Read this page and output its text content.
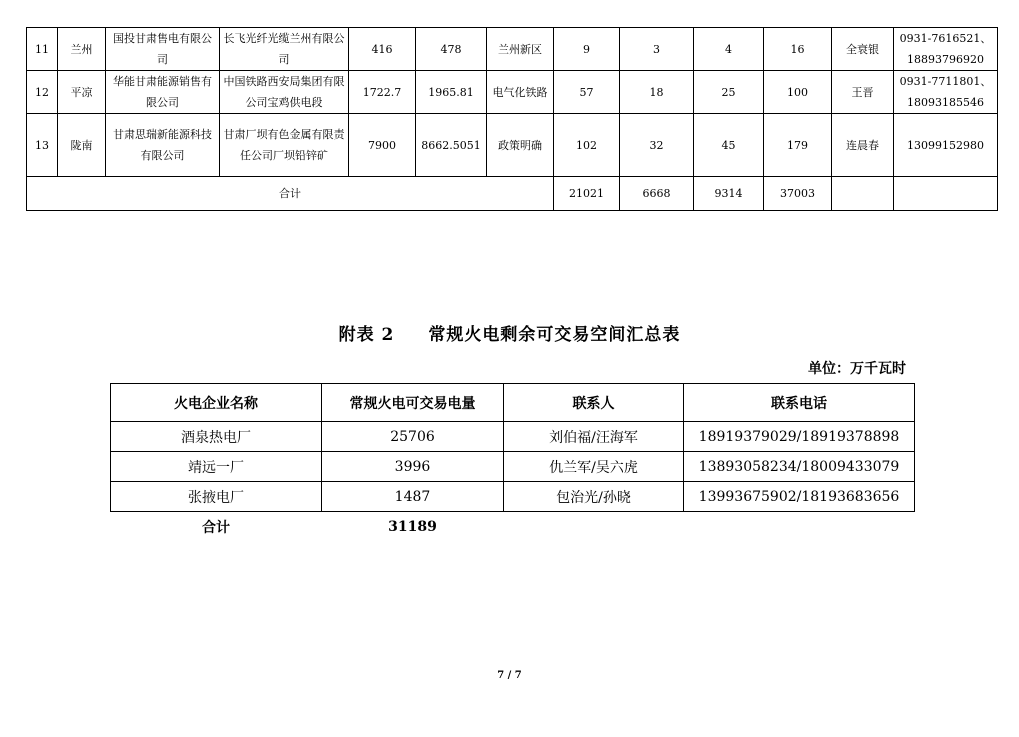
11	兰州	国投甘肃售电有限公司	长飞光纤光缆兰州有限公司	416	478	兰州新区	9	3	4	16	全衰银	0931-7616521、18893796920
12	平凉	华能甘肃能源销售有限公司	中国铁路西安局集团有限公司宝鸡供电段	1722.7	1965.81	电气化铁路	57	18	25	100	王晋	0931-7711801、18093185546
13	陇南	甘肃思瑞新能源科技有限公司	甘肃厂坝有色金属有限责任公司厂坝铅锌矿	7900	8662.5051	政策明确	102	32	45	179	连晨春	13099152980
合计							21021	6668	9314	37003		
附表 2 常规火电剩余可交易空间汇总表
单位：万千瓦时
火电企业名称	常规火电可交易电量	联系人	联系电话
酒泉热电厂	25706	刘伯福/汪海军	18919379029/18919378898
靖远一厂	3996	仇兰军/吴六虎	13893058234/18009433079
张掖电厂	1487	包治光/孙晓	13993675902/18193683656
合计	31189		
7 / 7
